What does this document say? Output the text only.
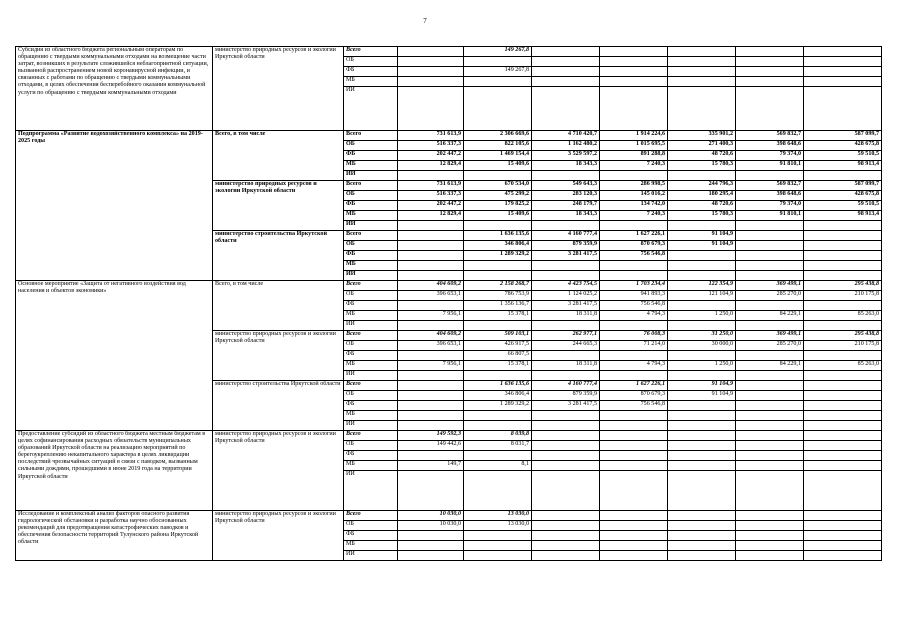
7
Субсидия из областного бюджета региональным операторам по обращению с твердыми коммунальными отходами на возмещение части затрат, возникших в результате сложившейся неблагоприятной ситуации, вызванной распространением новой коронавирусной инфекции, и связанных с работами по обращению с твердыми коммунальными отходами, в целях обеспечения бесперебойного оказания коммунальной услуги по обращению с твердыми коммунальными отходами	министерство природных ресурсов и экологии Иркутской области	Всего		149 267,8					
		ОБ							
		ФБ		149 267,8					
		МБ							
		ИИ							
Подпрограмма «Развитие водохозяйственного комплекса» на 2019-2025 годы	Всего, в том числе	Всего	731 613,9	2 306 669,6	4 710 420,7	1 914 224,6	335 901,2	569 832,7	587 099,7
		ОБ	516 337,3	822 105,6	1 162 480,2	1 015 695,5	271 400,3	398 648,6	428 675,8
		ФБ	202 447,2	1 469 154,4	3 529 597,2	891 288,8	48 720,6	79 374,0	59 510,5
		МБ	12 829,4	15 409,6	18 343,3	7 240,3	15 780,3	91 810,1	98 913,4
		ИИ							
	министерство природных ресурсов и экологии Иркутской области	Всего	731 613,9	670 534,0	549 643,3	286 998,5	244 796,3	569 832,7	587 099,7
		ОБ	516 337,3	475 299,2	283 120,3	145 016,2	180 295,4	398 648,6	428 675,8
		ФБ	202 447,2	179 825,2	248 179,7	134 742,0	48 720,6	79 374,0	59 510,5
		МБ	12 829,4	15 409,6	18 343,3	7 240,3	15 780,3	91 810,1	98 913,4
		ИИ							
	министерство строительства Иркутской области	Всего		1 636 135,6	4 160 777,4	1 627 226,1	91 104,9		
		ОБ		346 806,4	879 359,9	870 679,3	91 104,9		
		ФБ		1 289 329,2	3 281 417,5	756 546,8			
		МБ							
		ИИ							
Основное мероприятие «Защита от негативного воздействия вод населения и объектов экономики»	Всего, в том числе	Всего	404 609,2	2 158 268,7	4 423 754,5	1 703 234,4	122 354,9	369 499,1	295 438,8
		ОБ	396 653,1	786 753,9	1 124 025,2	941 893,3	121 104,9	285 270,0	210 175,8
		ФБ		1 356 136,7	3 281 417,5	756 546,8			
		МБ	7 956,1	15 378,1	18 311,8	4 794,3	1 250,0	84 229,1	85 263,0
		ИИ							
	министерство природных ресурсов и экологии Иркутской области	Всего	404 609,2	509 103,1	262 977,1	76 008,3	31 250,0	369 499,1	295 438,8
		ОБ	396 653,1	426 917,5	244 665,3	71 214,0	30 000,0	285 270,0	210 175,8
		ФБ		66 807,5					
		МБ	7 956,1	15 378,1	18 311,8	4 794,3	1 250,0	84 229,1	85 263,0
		ИИ							
	министерство строительства Иркутской области	Всего		1 636 135,6	4 160 777,4	1 627 226,1	91 104,9		
		ОБ		346 806,4	879 359,9	870 679,3	91 104,9		
		ФБ		1 289 329,2	3 281 417,5	756 546,8			
		МБ							
		ИИ							
Предоставление субсидий из областного бюджета местным бюджетам в целях софинансирования расходных обязательств муниципальных образований Иркутской области на реализацию мероприятий по берегоукреплению некапитального характера в целях ликвидации последствий чрезвычайных ситуаций в связи с паводком, вызванным сильными дождями, прошедшими в июне 2019 года на территории Иркутской области	министерство природных ресурсов и экологии Иркутской области	Всего	149 592,3	8 039,8					
		ОБ	149 442,6	8 031,7					
		ФБ							
		МБ	149,7	8,1					
		ИИ							
Исследование и комплексный анализ факторов опасного развития гидрологической обстановки и разработка научно обоснованных рекомендаций для предотвращения катастрофических паводков и обеспечения безопасности территорий Тулунского района Иркутской области	министерство природных ресурсов и экологии Иркутской области	Всего	10 030,0	13 030,0					
		ОБ	10 030,0	13 030,0					
		ФБ							
		МБ							
		ИИ							
